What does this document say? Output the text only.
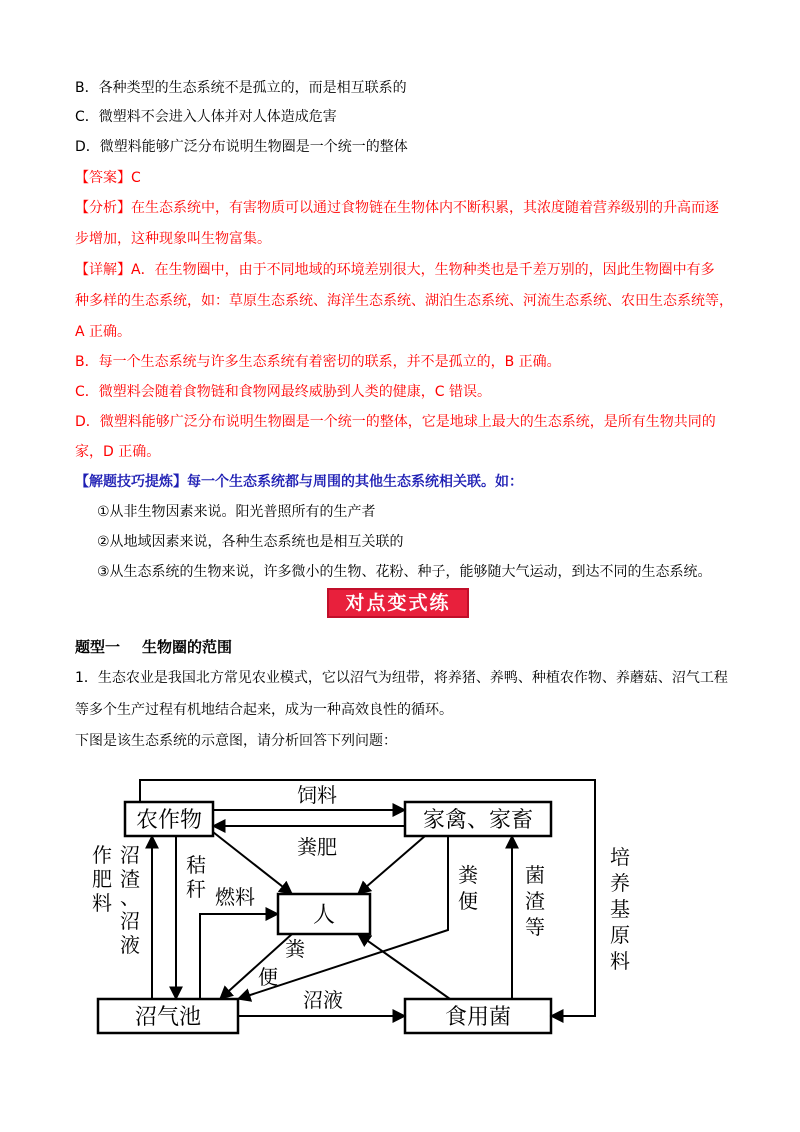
B．各种类型的生态系统不是孤立的，而是相互联系的
C．微塑料不会进入人体并对人体造成危害
D．微塑料能够广泛分布说明生物圈是一个统一的整体
【答案】C
【分析】在生态系统中，有害物质可以通过食物链在生物体内不断积累，其浓度随着营养级别的升高而逐
步增加，这种现象叫生物富集。
【详解】A．在生物圈中，由于不同地域的环境差别很大，生物种类也是千差万别的，因此生物圈中有多
种多样的生态系统，如：草原生态系统、海洋生态系统、湖泊生态系统、河流生态系统、农田生态系统等，
A 正确。
B．每一个生态系统与许多生态系统有着密切的联系，并不是孤立的，B 正确。
C．微塑料会随着食物链和食物网最终威胁到人类的健康，C 错误。
D．微塑料能够广泛分布说明生物圈是一个统一的整体，它是地球上最大的生态系统，是所有生物共同的
家，D 正确。
【解题技巧提炼】每一个生态系统都与周围的其他生态系统相关联。如：
①从非生物因素来说。阳光普照所有的生产者
②从地域因素来说，各种生态系统也是相互关联的
③从生态系统的生物来说，许多微小的生物、花粉、种子，能够随大气运动，到达不同的生态系统。
对点变式练
题型一 生物圈的范围
1．生态农业是我国北方常见农业模式，它以沼气为纽带，将养猪、养鸭、种植农作物、养蘑菇、沼气工程
等多个生产过程有机地结合起来，成为一种高效良性的循环。
下图是该生态系统的示意图，请分析回答下列问题：
农作物	家禽、家畜
人
沼气池	食用菌
饲料
粪肥
燃料
沼液
作
肥
料
沼
渣
、
沼
液
秸
秆
粪
便
粪
便
菌
渣
等
培
养
基
原
料
